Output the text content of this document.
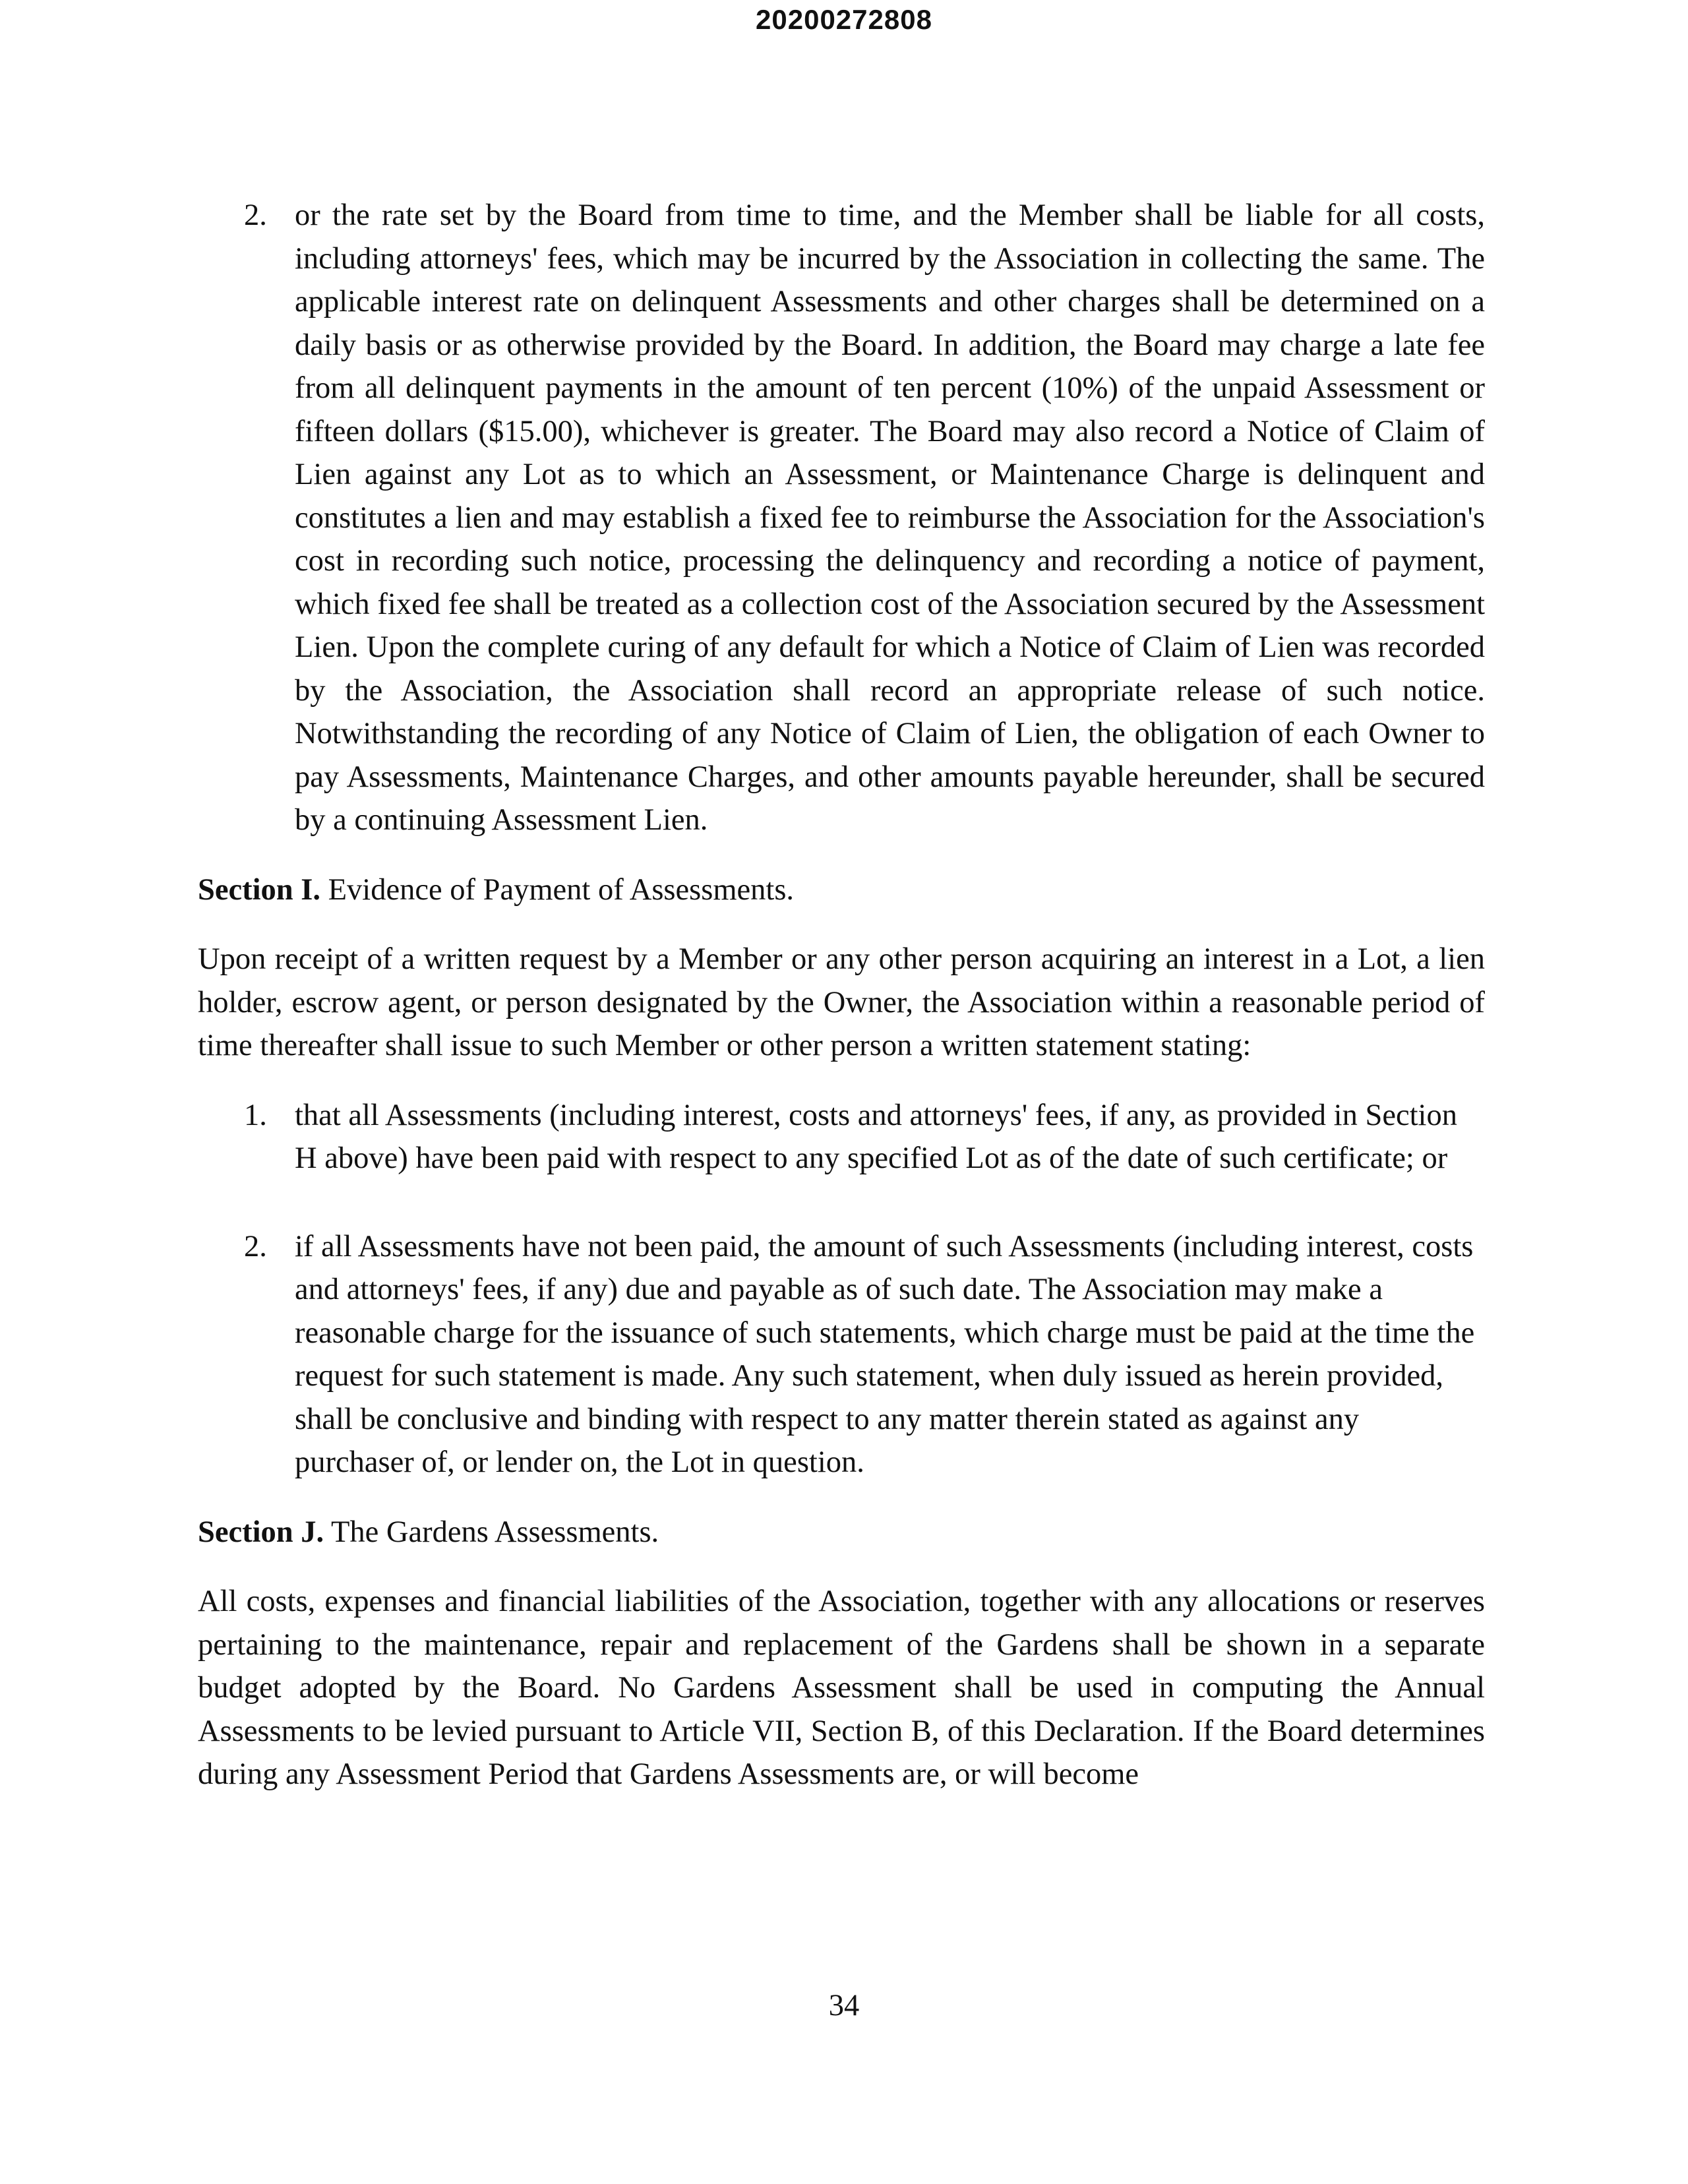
20200272808
2. or the rate set by the Board from time to time, and the Member shall be liable for all costs, including attorneys' fees, which may be incurred by the Association in collecting the same. The applicable interest rate on delinquent Assessments and other charges shall be determined on a daily basis or as otherwise provided by the Board. In addition, the Board may charge a late fee from all delinquent payments in the amount of ten percent (10%) of the unpaid Assessment or fifteen dollars ($15.00), whichever is greater. The Board may also record a Notice of Claim of Lien against any Lot as to which an Assessment, or Maintenance Charge is delinquent and constitutes a lien and may establish a fixed fee to reimburse the Association for the Association's cost in recording such notice, processing the delinquency and recording a notice of payment, which fixed fee shall be treated as a collection cost of the Association secured by the Assessment Lien. Upon the complete curing of any default for which a Notice of Claim of Lien was recorded by the Association, the Association shall record an appropriate release of such notice. Notwithstanding the recording of any Notice of Claim of Lien, the obligation of each Owner to pay Assessments, Maintenance Charges, and other amounts payable hereunder, shall be secured by a continuing Assessment Lien.
Section I. Evidence of Payment of Assessments.
Upon receipt of a written request by a Member or any other person acquiring an interest in a Lot, a lien holder, escrow agent, or person designated by the Owner, the Association within a reasonable period of time thereafter shall issue to such Member or other person a written statement stating:
1. that all Assessments (including interest, costs and attorneys' fees, if any, as provided in Section H above) have been paid with respect to any specified Lot as of the date of such certificate; or
2. if all Assessments have not been paid, the amount of such Assessments (including interest, costs and attorneys' fees, if any) due and payable as of such date. The Association may make a reasonable charge for the issuance of such statements, which charge must be paid at the time the request for such statement is made. Any such statement, when duly issued as herein provided, shall be conclusive and binding with respect to any matter therein stated as against any purchaser of, or lender on, the Lot in question.
Section J. The Gardens Assessments.
All costs, expenses and financial liabilities of the Association, together with any allocations or reserves pertaining to the maintenance, repair and replacement of the Gardens shall be shown in a separate budget adopted by the Board. No Gardens Assessment shall be used in computing the Annual Assessments to be levied pursuant to Article VII, Section B, of this Declaration. If the Board determines during any Assessment Period that Gardens Assessments are, or will become
34
